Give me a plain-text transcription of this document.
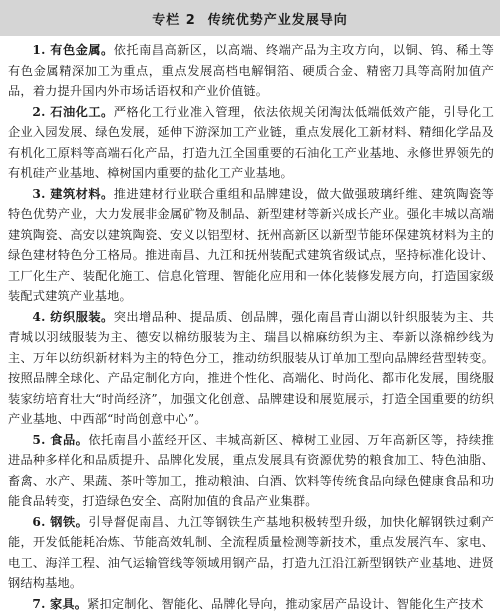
专栏 2 传统优势产业发展导向

1. 有色金属。依托南昌高新区，以高端、终端产品为主攻方向，以铜、钨、稀土等有色金属精深加工为重点，重点发展高档电解铜箔、硬质合金、精密刀具等高附加值产品，着力提升国内外市场话语权和产业价值链。

2. 石油化工。严格化工行业准入管理，依法依规关闭淘汰低端低效产能，引导化工企业入园发展、绿色发展，延伸下游深加工产业链，重点发展化工新材料、精细化学品及有机化工原料等高端石化产品，打造九江全国重要的石油化工产业基地、永修世界领先的有机硅产业基地、樟树国内重要的盐化工产业基地。

3. 建筑材料。推进建材行业联合重组和品牌建设，做大做强玻璃纤维、建筑陶瓷等特色优势产业，大力发展非金属矿物及制品、新型建材等新兴成长产业。强化丰城以高端建筑陶瓷、高安以建筑陶瓷、安义以铝型材、抚州高新区以新型节能环保建筑材料为主的绿色建材特色分工格局。推进南昌、九江和抚州装配式建筑省级试点，坚持标准化设计、工厂化生产、装配化施工、信息化管理、智能化应用和一体化装修发展方向，打造国家级装配式建筑产业基地。

4. 纺织服装。突出增品种、提品质、创品牌，强化南昌青山湖以针织服装为主、共青城以羽绒服装为主、德安以棉纺服装为主、瑞昌以棉麻纺织为主、奉新以涤棉纱线为主、万年以纺织新材料为主的特色分工，推动纺织服装从订单加工型向品牌经营型转变。按照品牌全球化、产品定制化方向，推进个性化、高端化、时尚化、都市化发展，围绕服装家纺培育壮大“时尚经济”，加强文化创意、品牌建设和展览展示，打造全国重要的纺织产业基地、中西部“时尚创意中心”。

5. 食品。依托南昌小蓝经开区、丰城高新区、樟树工业园、万年高新区等，持续推进品种多样化和品质提升、品牌化发展，重点发展具有资源优势的粮食加工、特色油脂、畜禽、水产、果蔬、茶叶等加工，推动粮油、白酒、饮料等传统食品向绿色健康食品和功能食品转变，打造绿色安全、高附加值的食品产业集群。

6. 钢铁。引导督促南昌、九江等钢铁生产基地积极转型升级，加快化解钢铁过剩产能，开发低能耗冶炼、节能高效轧制、全流程质量检测等新技术，重点发展汽车、家电、电工、海洋工程、油气运输管线等领域用钢产品，打造九江沿江新型钢铁产业基地、进贤钢结构基地。

7. 家具。紧扣定制化、智能化、品牌化导向，推动家居产品设计、智能化生产技术
